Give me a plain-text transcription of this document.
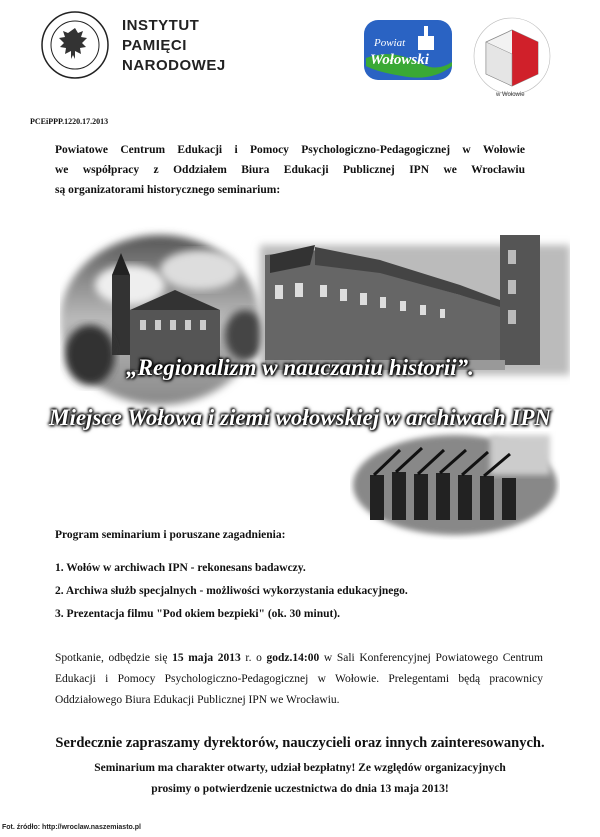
INSTYTUT
PAMIĘCI
NARODOWEJ
Powiat
Wołowski
w Wołowie
PCEiPPP.1220.17.2013
Powiatowe Centrum Edukacji i Pomocy Psychologiczno-Pedagogicznej w Wołowie
we współpracy z Oddziałem Biura Edukacji Publicznej IPN we Wrocławiu
są organizatorami historycznego seminarium:
„Regionalizm w nauczaniu historii”.
Miejsce Wołowa i ziemi wołowskiej w archiwach IPN
Program seminarium i poruszane zagadnienia:
1. Wołów w archiwach IPN - rekonesans badawczy.
2. Archiwa służb specjalnych - możliwości wykorzystania edukacyjnego.
3. Prezentacja filmu "Pod okiem bezpieki" (ok. 30 minut).
Spotkanie, odbędzie się 15 maja 2013 r. o godz.14:00 w Sali Konferencyjnej Powiatowego Centrum Edukacji i Pomocy Psychologiczno-Pedagogicznej w Wołowie. Prelegentami będą pracownicy Oddziałowego Biura Edukacji Publicznej IPN we Wrocławiu.
Serdecznie zapraszamy dyrektorów, nauczycieli oraz innych zainteresowanych.
Seminarium ma charakter otwarty, udział bezpłatny! Ze względów organizacyjnych
prosimy o potwierdzenie uczestnictwa do dnia 13 maja 2013!
Fot. źródło: http://wroclaw.naszemiasto.pl
